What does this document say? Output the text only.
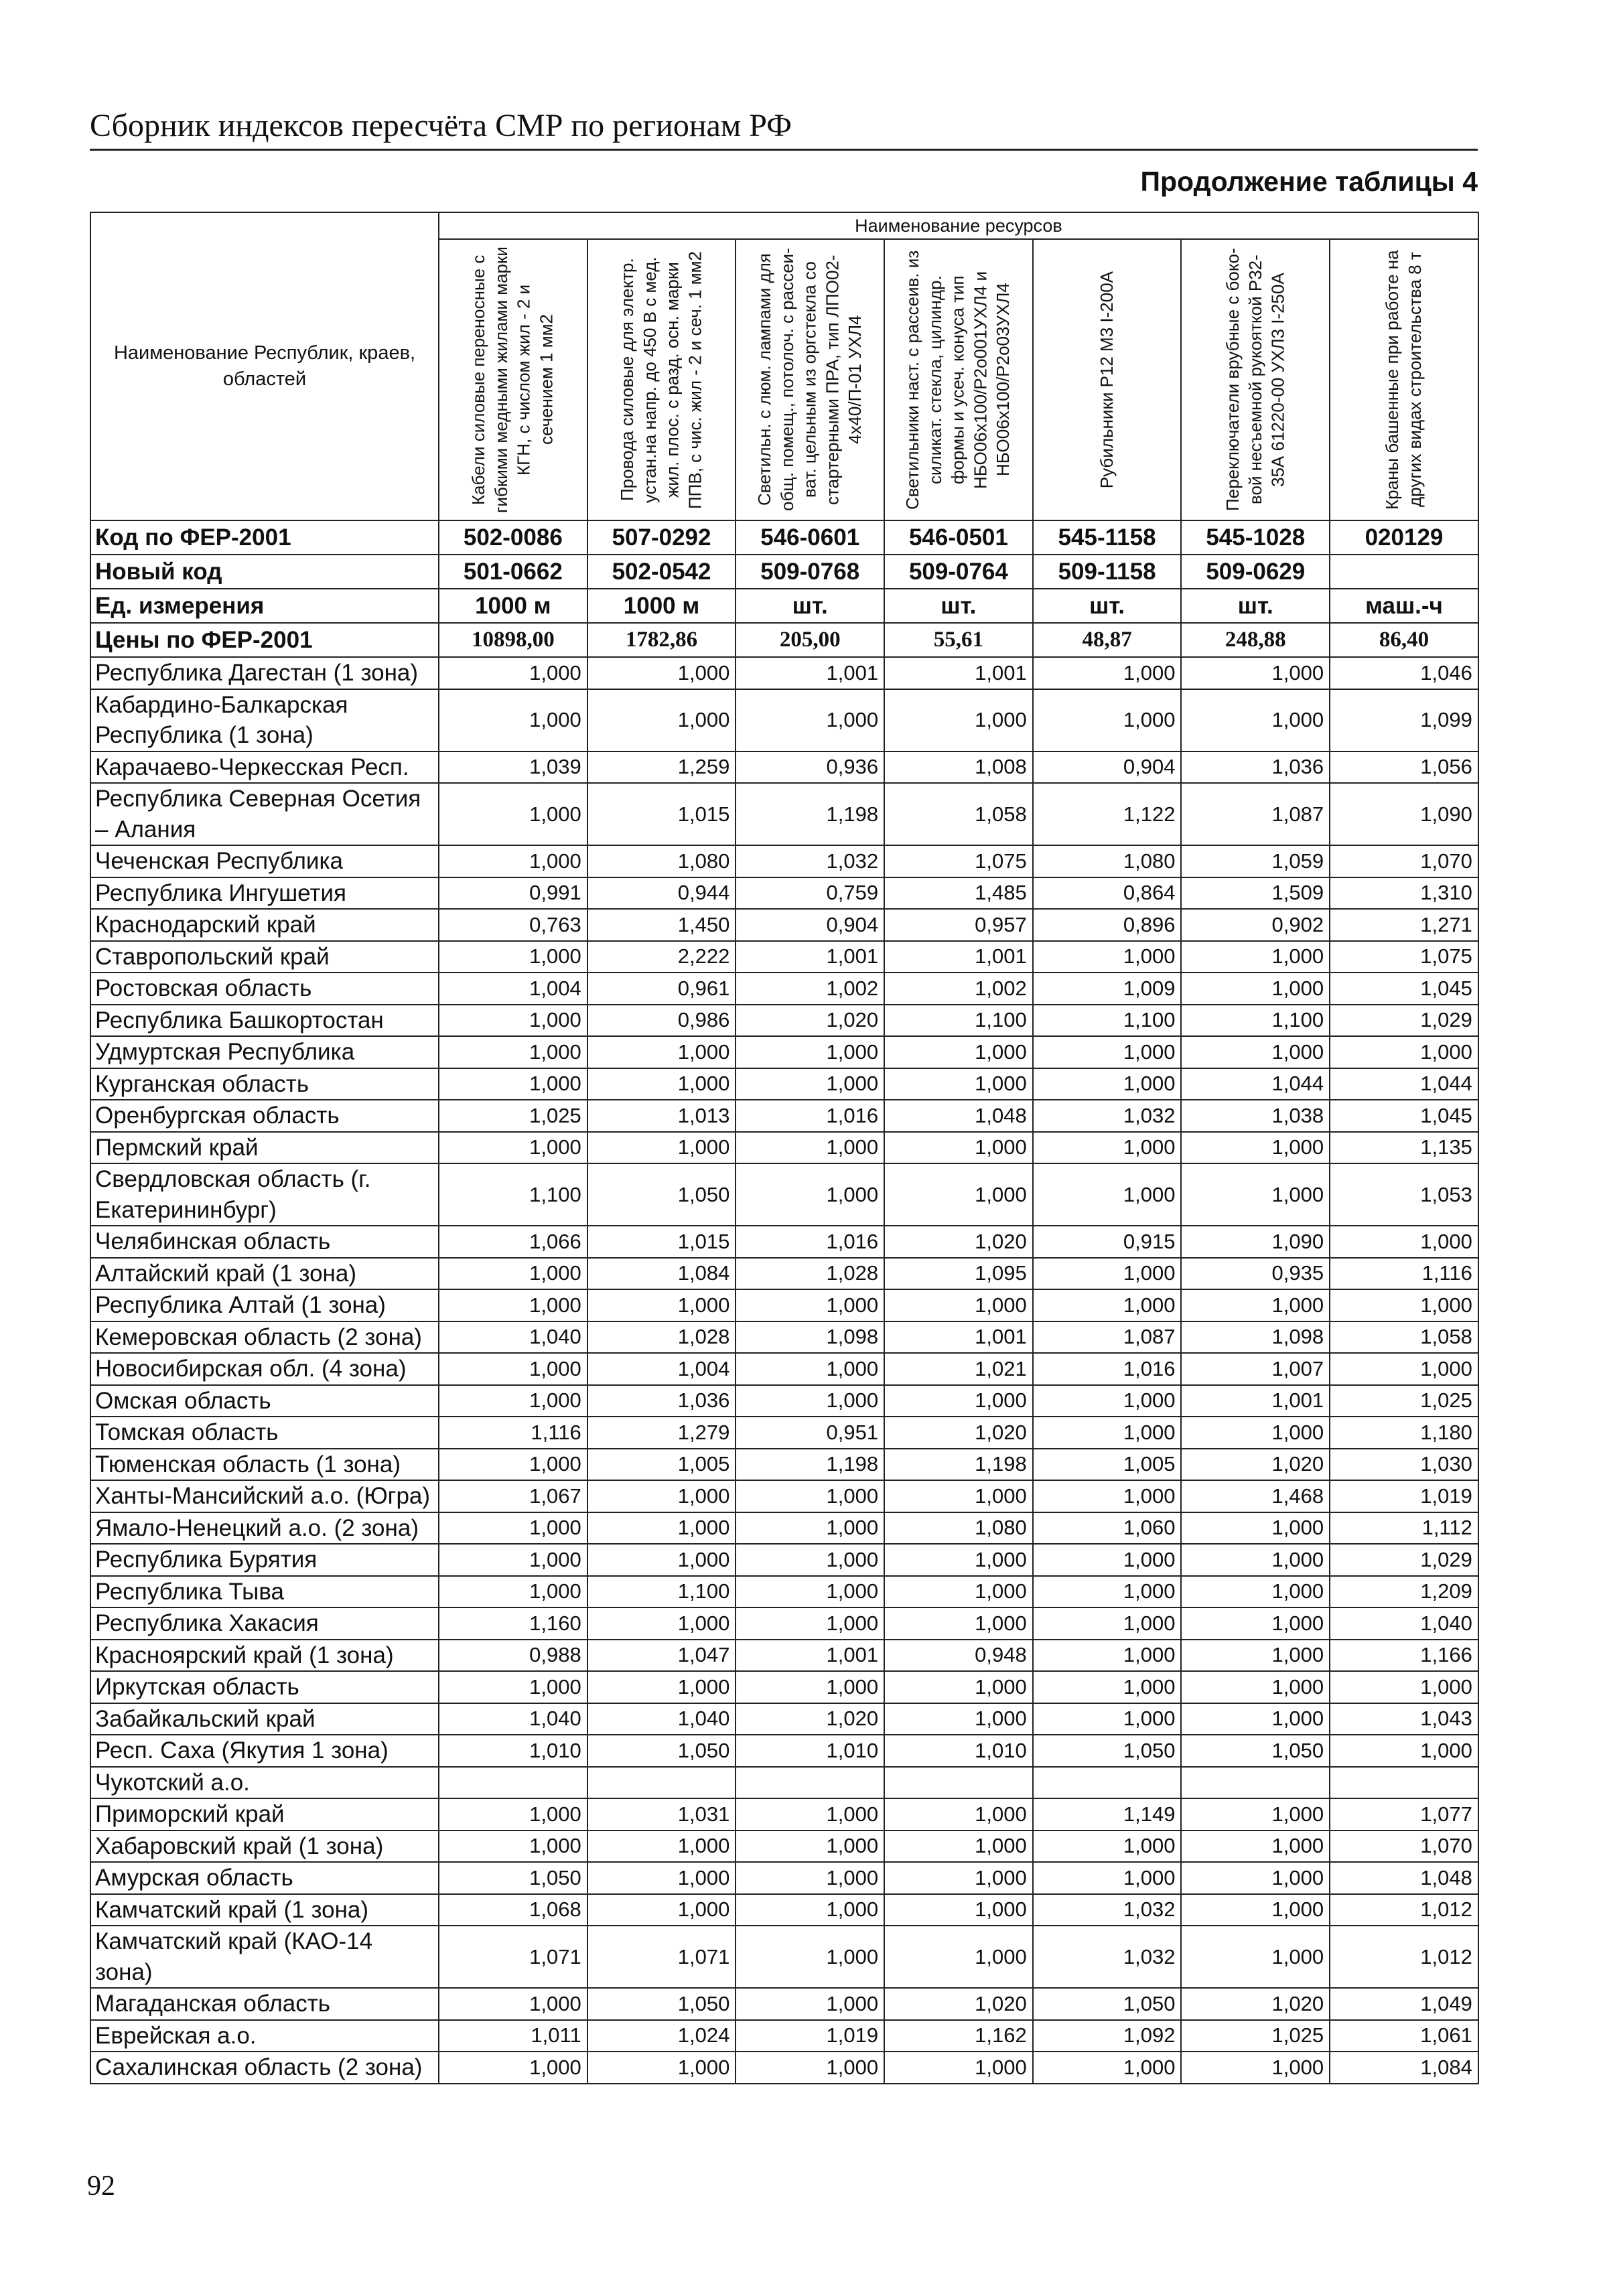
Сборник индексов пересчёта СМР по регионам РФ
Продолжение таблицы 4
Наименование Республик, краев, областей	Наименование ресурсов						

	Кабели силовые переносные с гибкими медными жилами марки КГН, с числом жил - 2 и сечением 1 мм2	Провода силовые для электр. устан.на напр. до 450 В с мед. жил. плос. с разд. осн. марки ППВ, с чис. жил - 2 и сеч. 1 мм2	Светильн. с люм. лампами для общ. помещ., потолоч. с рассеи-ват. цельным из оргстекла со стартерными ПРА, тип ЛПО02-4х40/П-01 УХЛ4	Светильники наст. с рассеив. из силикат. стекла, цилиндр. формы и усеч. конуса тип НБО06х100/Р2о001УХЛ4 и НБО06х100/Р2о03УХЛ4	Рубильники Р12 М3 I-200А	Переключатели врубные с боко-вой несъемной рукояткой Р32-35А 61220-00 УХЛ3 I-250А	Краны башенные при работе на других видах строительства 8 т

Код по ФЕР-2001	502-0086	507-0292	546-0601	546-0501	545-1158	545-1028	020129
Новый код	501-0662	502-0542	509-0768	509-0764	509-1158	509-0629	
Ед. измерения	1000 м	1000 м	шт.	шт.	шт.	шт.	маш.-ч
Цены по ФЕР-2001	10898,00	1782,86	205,00	55,61	48,87	248,88	86,40
Республика Дагестан (1 зона)	1,000	1,000	1,001	1,001	1,000	1,000	1,046
Кабардино-Балкарская Республика (1 зона)	1,000	1,000	1,000	1,000	1,000	1,000	1,099
Карачаево-Черкесская Респ.	1,039	1,259	0,936	1,008	0,904	1,036	1,056
Республика Северная Осетия – Алания	1,000	1,015	1,198	1,058	1,122	1,087	1,090
Чеченская Республика	1,000	1,080	1,032	1,075	1,080	1,059	1,070
Республика Ингушетия	0,991	0,944	0,759	1,485	0,864	1,509	1,310
Краснодарский край	0,763	1,450	0,904	0,957	0,896	0,902	1,271
Ставропольский край	1,000	2,222	1,001	1,001	1,000	1,000	1,075
Ростовская область	1,004	0,961	1,002	1,002	1,009	1,000	1,045
Республика Башкортостан	1,000	0,986	1,020	1,100	1,100	1,100	1,029
Удмуртская Республика	1,000	1,000	1,000	1,000	1,000	1,000	1,000
Курганская область	1,000	1,000	1,000	1,000	1,000	1,044	1,044
Оренбургская область	1,025	1,013	1,016	1,048	1,032	1,038	1,045
Пермский край	1,000	1,000	1,000	1,000	1,000	1,000	1,135
Свердловская область (г. Екатерининбург)	1,100	1,050	1,000	1,000	1,000	1,000	1,053
Челябинская область	1,066	1,015	1,016	1,020	0,915	1,090	1,000
Алтайский край (1 зона)	1,000	1,084	1,028	1,095	1,000	0,935	1,116
Республика Алтай (1 зона)	1,000	1,000	1,000	1,000	1,000	1,000	1,000
Кемеровская область (2 зона)	1,040	1,028	1,098	1,001	1,087	1,098	1,058
Новосибирская обл. (4 зона)	1,000	1,004	1,000	1,021	1,016	1,007	1,000
Омская область	1,000	1,036	1,000	1,000	1,000	1,001	1,025
Томская область	1,116	1,279	0,951	1,020	1,000	1,000	1,180
Тюменская область (1 зона)	1,000	1,005	1,198	1,198	1,005	1,020	1,030
Ханты-Мансийский а.о. (Югра)	1,067	1,000	1,000	1,000	1,000	1,468	1,019
Ямало-Ненецкий а.о. (2 зона)	1,000	1,000	1,000	1,080	1,060	1,000	1,112
Республика Бурятия	1,000	1,000	1,000	1,000	1,000	1,000	1,029
Республика Тыва	1,000	1,100	1,000	1,000	1,000	1,000	1,209
Республика Хакасия	1,160	1,000	1,000	1,000	1,000	1,000	1,040
Красноярский край (1 зона)	0,988	1,047	1,001	0,948	1,000	1,000	1,166
Иркутская область	1,000	1,000	1,000	1,000	1,000	1,000	1,000
Забайкальский край	1,040	1,040	1,020	1,000	1,000	1,000	1,043
Респ. Саха (Якутия 1 зона)	1,010	1,050	1,010	1,010	1,050	1,050	1,000
Чукотский а.о.							
Приморский край	1,000	1,031	1,000	1,000	1,149	1,000	1,077
Хабаровский край (1 зона)	1,000	1,000	1,000	1,000	1,000	1,000	1,070
Амурская область	1,050	1,000	1,000	1,000	1,000	1,000	1,048
Камчатский край (1 зона)	1,068	1,000	1,000	1,000	1,032	1,000	1,012
Камчатский край (КАО-14 зона)	1,071	1,071	1,000	1,000	1,032	1,000	1,012
Магаданская область	1,000	1,050	1,000	1,020	1,050	1,020	1,049
Еврейская а.о.	1,011	1,024	1,019	1,162	1,092	1,025	1,061
Сахалинская область (2 зона)	1,000	1,000	1,000	1,000	1,000	1,000	1,084
92
